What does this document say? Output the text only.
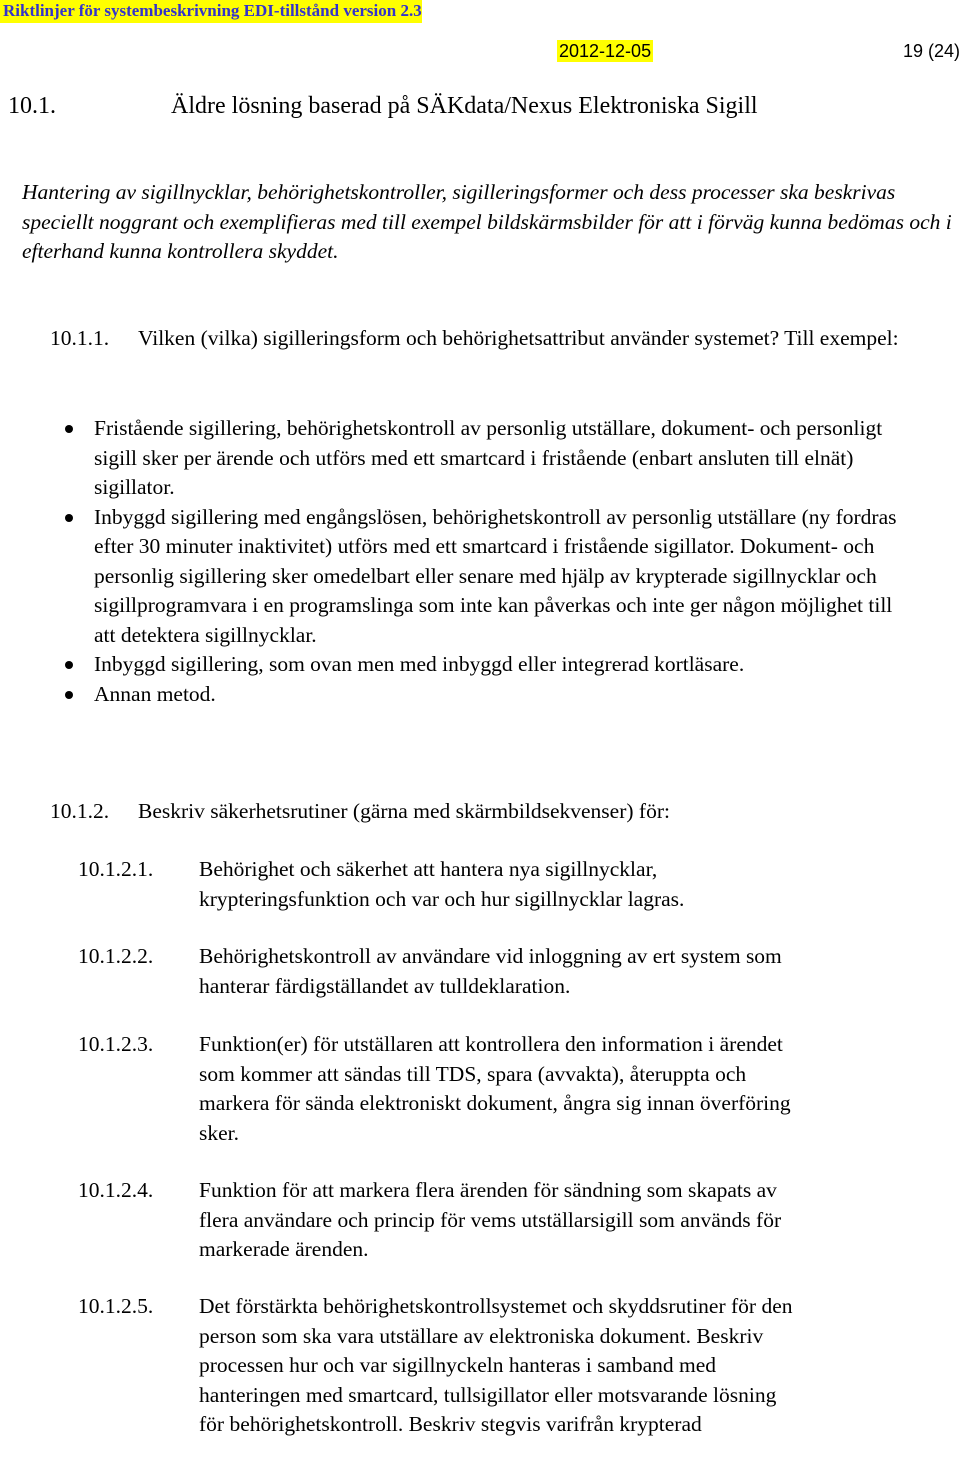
Riktlinjer för systembeskrivning EDI-tillstånd version 2.3
2012-12-05	19 (24)
10.1.	Äldre lösning baserad på SÄKdata/Nexus Elektroniska Sigill
Hantering av sigillnycklar, behörighetskontroller, sigilleringsformer och dess processer ska beskrivas speciellt noggrant och exemplifieras med till exempel bildskärmsbilder för att i förväg kunna bedömas och i efterhand kunna kontrollera skyddet.
10.1.1. Vilken (vilka) sigilleringsform och behörighetsattribut använder systemet? Till exempel:
Fristående sigillering, behörighetskontroll av personlig utställare, dokument- och personligt sigill sker per ärende och utförs med ett smartcard i fristående (enbart ansluten till elnät) sigillator.
Inbyggd sigillering med engångslösen, behörighetskontroll av personlig utställare (ny fordras efter 30 minuter inaktivitet) utförs med ett smartcard i fristående sigillator. Dokument- och personlig sigillering sker omedelbart eller senare med hjälp av krypterade sigillnycklar och sigillprogramvara i en programslinga som inte kan påverkas och inte ger någon möjlighet till att detektera sigillnycklar.
Inbyggd sigillering, som ovan men med inbyggd eller integrerad kortläsare.
Annan metod.
10.1.2. Beskriv säkerhetsrutiner (gärna med skärmbildsekvenser) för:
10.1.2.1. Behörighet och säkerhet att hantera nya sigillnycklar, krypteringsfunktion och var och hur sigillnycklar lagras.
10.1.2.2. Behörighetskontroll av användare vid inloggning av ert system som hanterar färdigställandet av tulldeklaration.
10.1.2.3. Funktion(er) för utställaren att kontrollera den information i ärendet som kommer att sändas till TDS, spara (avvakta), återuppta och markera för sända elektroniskt dokument, ångra sig innan överföring sker.
10.1.2.4. Funktion för att markera flera ärenden för sändning som skapats av flera användare och princip för vems utställarsigill som används för markerade ärenden.
10.1.2.5. Det förstärkta behörighetskontrollsystemet och skyddsrutiner för den person som ska vara utställare av elektroniska dokument. Beskriv processen hur och var sigillnyckeln hanteras i samband med hanteringen med smartcard, tullsigillator eller motsvarande lösning för behörighetskontroll. Beskriv stegvis varifrån krypterad
